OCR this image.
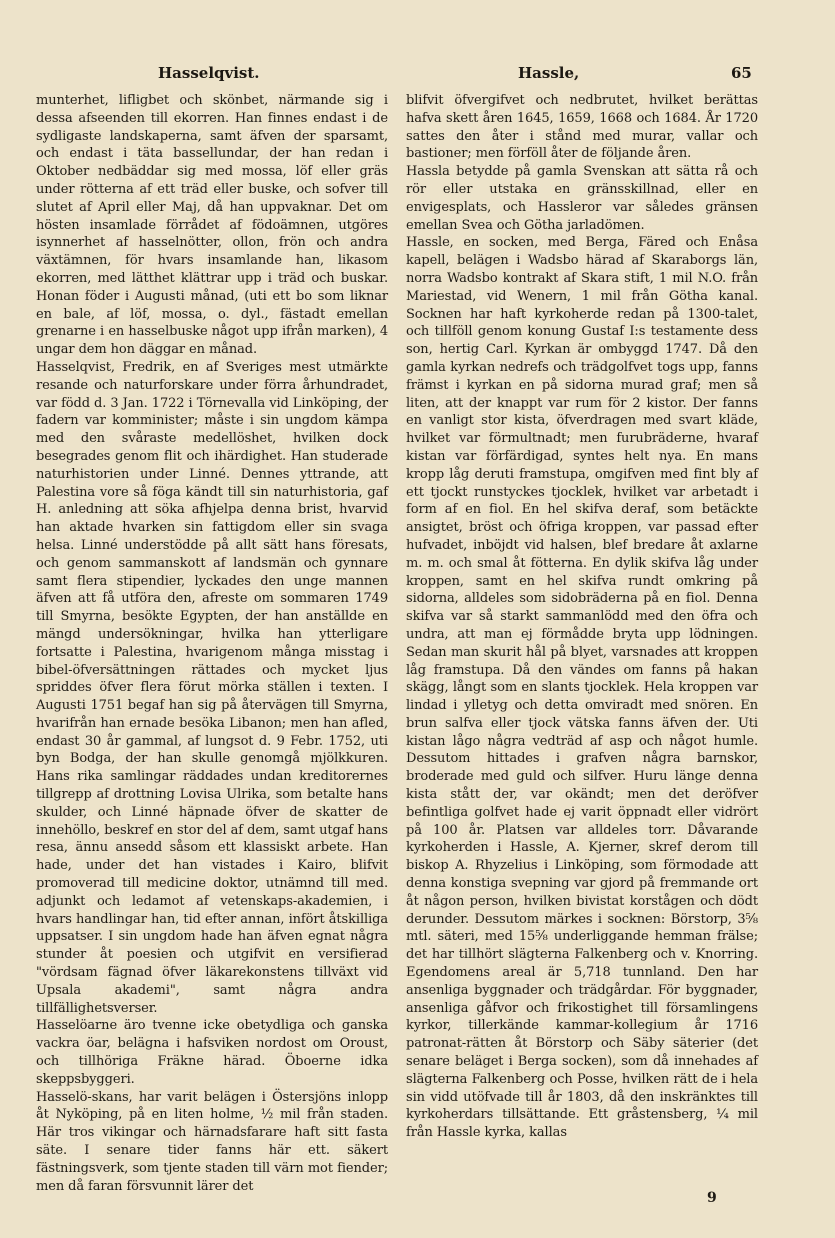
Hasselqvist.	Hassle,	65

munterhet, lifligbet och skönbet, närmande sig i dessa afseenden till ekorren. Han finnes endast i de sydligaste landskaperna, samt äfven der sparsamt, och endast i täta bassellundar, der han redan i Oktober nedbäddar sig med mossa, löf eller gräs under rötterna af ett träd eller buske, och sofver till slutet af April eller Maj, då han uppvaknar. Det om hösten insamlade förrådet af födoämnen, utgöres isynnerhet af hasselnötter, ollon, frön och andra växtämnen, för hvars insamlande han, likasom ekorren, med lätthet klättrar upp i träd och buskar. Honan föder i Augusti månad, (uti ett bo som liknar en bale, af löf, mossa, o. dyl., fästadt emellan grenarne i en hasselbuske något upp ifrån marken), 4 ungar dem hon däggar en månad.

Hasselqvist, Fredrik, en af Sveriges mest utmärkte resande och naturforskare under förra århundradet, var född d. 3 Jan. 1722 i Törnevalla vid Linköping, der fadern var komminister; måste i sin ungdom kämpa med den svåraste medellöshet, hvilken dock besegrades genom flit och ihärdighet. Han studerade naturhistorien under Linné. Dennes yttrande, att Palestina vore så föga kändt till sin naturhistoria, gaf H. anledning att söka afhjelpa denna brist, hvarvid han aktade hvarken sin fattigdom eller sin svaga helsa. Linné understödde på allt sätt hans föresats, och genom sammanskott af landsmän och gynnare samt flera stipendier, lyckades den unge mannen äfven att få utföra den, afreste om sommaren 1749 till Smyrna, besökte Egypten, der han anställde en mängd undersökningar, hvilka han ytterligare fortsatte i Palestina, hvarigenom många misstag i bibel-öfversättningen rättades och mycket ljus spriddes öfver flera förut mörka ställen i texten. I Augusti 1751 begaf han sig på återvägen till Smyrna, hvarifrån han ernade besöka Libanon; men han afled, endast 30 år gammal, af lungsot d. 9 Febr. 1752, uti byn Bodga, der han skulle genomgå mjölkkuren. Hans rika samlingar räddades undan kreditorernes tillgrepp af drottning Lovisa Ulrika, som betalte hans skulder, och Linné häpnade öfver de skatter de innehöllo, beskref en stor del af dem, samt utgaf hans resa, ännu ansedd såsom ett klassiskt arbete. Han hade, under det han vistades i Kairo, blifvit promoverad till medicine doktor, utnämnd till med. adjunkt och ledamot af vetenskaps-akademien, i hvars handlingar han, tid efter annan, infört åtskilliga uppsatser. I sin ungdom hade han äfven egnat några stunder åt poesien och utgifvit en versifierad "vördsam fägnad öfver läkarekonstens tillväxt vid Upsala akademi", samt några andra tillfällighetsverser.

Hasselöarne äro tvenne icke obetydliga och ganska vackra öar, belägna i hafsviken nordost om Oroust, och tillhöriga Fräkne härad. Öboerne idka skeppsbyggeri.

Hasselö-skans, har varit belägen i Östersjöns inlopp åt Nyköping, på en liten holme, ½ mil från staden. Här tros vikingar och härnadsfarare haft sitt fasta säte. I senare tider fanns här ett. säkert fästningsverk, som tjente staden till värn mot fiender; men då faran försvunnit lärer det

blifvit öfvergifvet och nedbrutet, hvilket berättas hafva skett åren 1645, 1659, 1668 och 1684. År 1720 sattes den åter i stånd med murar, vallar och bastioner; men förföll åter de följande åren.

Hassla betydde på gamla Svenskan att sätta rå och rör eller utstaka en gränsskillnad, eller en envigesplats, och Hassleror var således gränsen emellan Svea och Götha jarladömen.

Hassle, en socken, med Berga, Färed och Enåsa kapell, belägen i Wadsbo härad af Skaraborgs län, norra Wadsbo kontrakt af Skara stift, 1 mil N.O. från Mariestad, vid Wenern, 1 mil från Götha kanal. Socknen har haft kyrkoherde redan på 1300-talet, och tillföll genom konung Gustaf I:s testamente dess son, hertig Carl. Kyrkan är ombyggd 1747. Då den gamla kyrkan nedrefs och trädgolfvet togs upp, fanns främst i kyrkan en på sidorna murad graf; men så liten, att der knappt var rum för 2 kistor. Der fanns en vanligt stor kista, öfverdragen med svart kläde, hvilket var förmultnadt; men furubräderne, hvaraf kistan var förfärdigad, syntes helt nya. En mans kropp låg deruti framstupa, omgifven med fint bly af ett tjockt runstyckes tjocklek, hvilket var arbetadt i form af en fiol. En hel skifva deraf, som betäckte ansigtet, bröst och öfriga kroppen, var passad efter hufvadet, inböjdt vid halsen, blef bredare åt axlarne m. m. och smal åt fötterna. En dylik skifva låg under kroppen, samt en hel skifva rundt omkring på sidorna, alldeles som sidobräderna på en fiol. Denna skifva var så starkt sammanlödd med den öfra och undra, att man ej förmådde bryta upp lödningen. Sedan man skurit hål på blyet, varsnades att kroppen låg framstupa. Då den vändes om fanns på hakan skägg, långt som en slants tjocklek. Hela kroppen var lindad i ylletyg och detta omviradt med snören. En brun salfva eller tjock vätska fanns äfven der. Uti kistan lågo några vedträd af asp och något humle. Dessutom hittades i grafven några barnskor, broderade med guld och silfver. Huru länge denna kista stått der, var okändt; men det deröfver befintliga golfvet hade ej varit öppnadt eller vidrört på 100 år. Platsen var alldeles torr. Dåvarande kyrkoherden i Hassle, A. Kjerner, skref derom till biskop A. Rhyzelius i Linköping, som förmodade att denna konstiga svepning var gjord på fremmande ort åt någon person, hvilken bivistat korstågen och dödt derunder. Dessutom märkes i socknen: Börstorp, 3⅝ mtl. säteri, med 15⅝ underliggande hemman frälse; det har tillhört slägterna Falkenberg och v. Knorring. Egendomens areal är 5,718 tunnland. Den har ansenliga byggnader och trädgårdar. För byggnader, ansenliga gåfvor och frikostighet till församlingens kyrkor, tillerkände kammar-kollegium år 1716 patronat-rätten åt Börstorp och Säby säterier (det senare beläget i Berga socken), som då innehades af slägterna Falkenberg och Posse, hvilken rätt de i hela sin vidd utöfvade till år 1803, då den inskränktes till kyrkoherdars tillsättande. Ett gråstensberg, ¼ mil från Hassle kyrka, kallas

9
